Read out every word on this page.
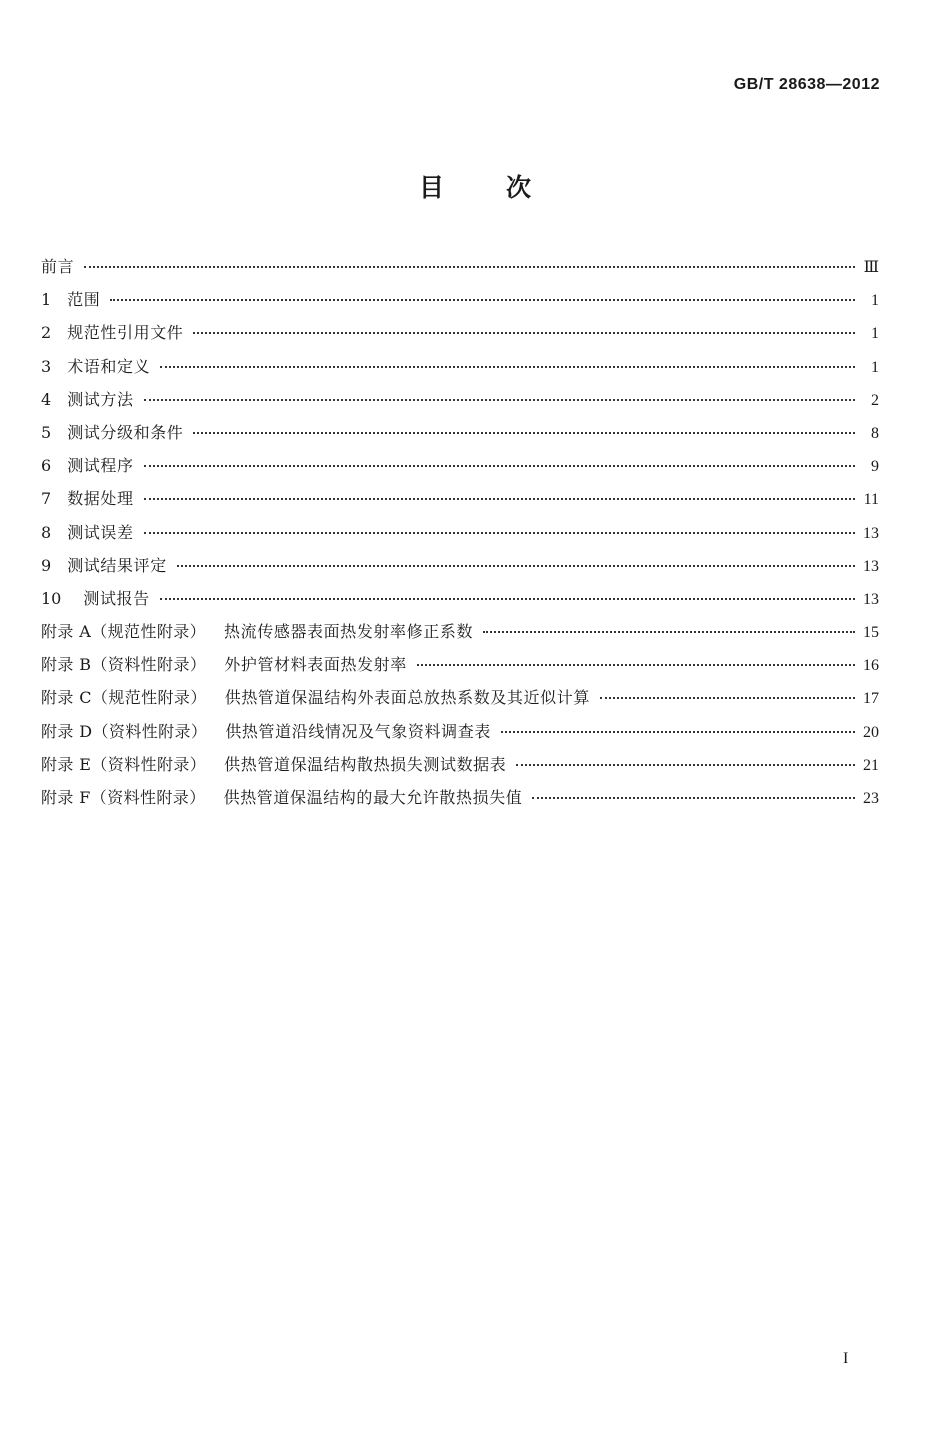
GB/T 28638—2012
目 次
前言	Ⅲ
1 范围	1
2 规范性引用文件	1
3 术语和定义	1
4 测试方法	2
5 测试分级和条件	8
6 测试程序	9
7 数据处理	11
8 测试误差	13
9 测试结果评定	13
10 测试报告	13
附录 A（规范性附录） 热流传感器表面热发射率修正系数	15
附录 B（资料性附录） 外护管材料表面热发射率	16
附录 C（规范性附录） 供热管道保温结构外表面总放热系数及其近似计算	17
附录 D（资料性附录） 供热管道沿线情况及气象资料调查表	20
附录 E（资料性附录） 供热管道保温结构散热损失测试数据表	21
附录 F（资料性附录） 供热管道保温结构的最大允许散热损失值	23
I
